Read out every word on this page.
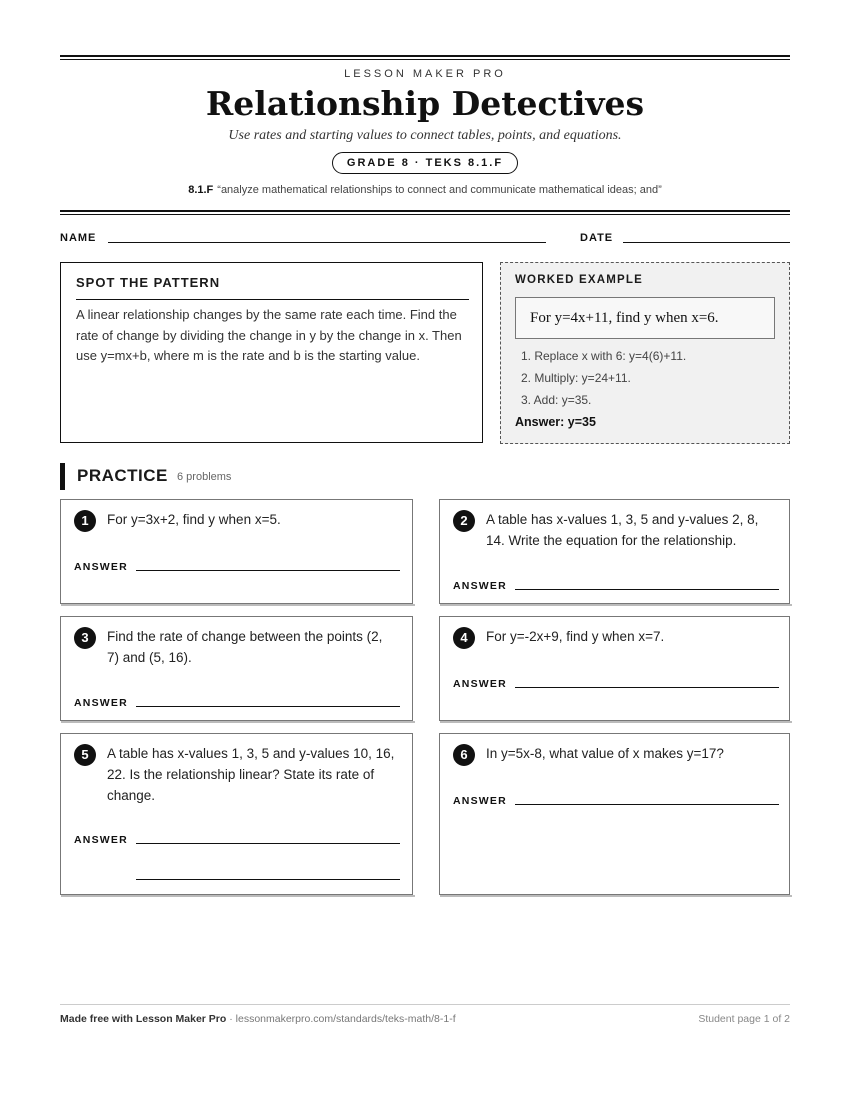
LESSON MAKER PRO
Relationship Detectives
Use rates and starting values to connect tables, points, and equations.
GRADE 8 · TEKS 8.1.F
8.1.F “analyze mathematical relationships to connect and communicate mathematical ideas; and”
NAME	DATE
SPOT THE PATTERN
A linear relationship changes by the same rate each time. Find the rate of change by dividing the change in y by the change in x. Then use y=mx+b, where m is the rate and b is the starting value.
WORKED EXAMPLE
For y=4x+11, find y when x=6.
1. Replace x with 6: y=4(6)+11.
2. Multiply: y=24+11.
3. Add: y=35.
Answer: y=35
PRACTICE 6 problems
1	For y=3x+2, find y when x=5.
ANSWER
2	A table has x-values 1, 3, 5 and y-values 2, 8, 14. Write the equation for the relationship.
ANSWER
3	Find the rate of change between the points (2, 7) and (5, 16).
ANSWER
4	For y=-2x+9, find y when x=7.
ANSWER
5	A table has x-values 1, 3, 5 and y-values 10, 16, 22. Is the relationship linear? State its rate of change.
ANSWER
6	In y=5x-8, what value of x makes y=17?
ANSWER
Made free with Lesson Maker Pro · lessonmakerpro.com/standards/teks-math/8-1-f	Student page 1 of 2
